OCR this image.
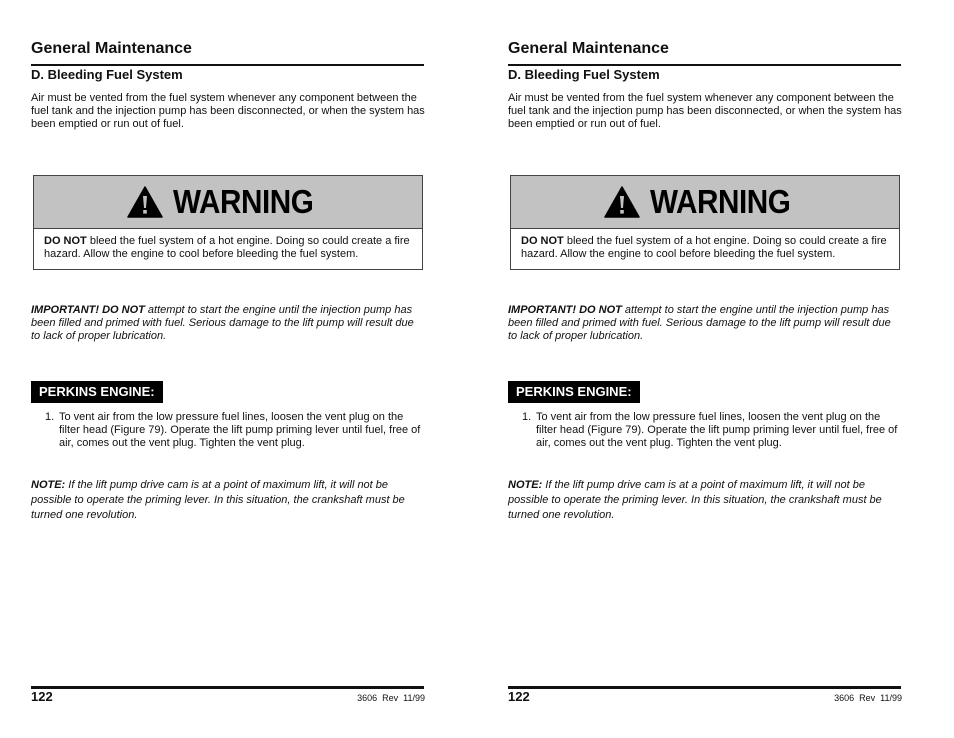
General Maintenance
D. Bleeding Fuel System
Air must be vented from the fuel system whenever any component between the fuel tank and the injection pump has been disconnected, or when the system has been emptied or run out of fuel.
WARNING
DO NOT bleed the fuel system of a hot engine. Doing so could create a fire hazard. Allow the engine to cool before bleeding the fuel system.
IMPORTANT! DO NOT attempt to start the engine until the injection pump has been filled and primed with fuel. Serious damage to the lift pump will result due to lack of proper lubrication.
PERKINS ENGINE:
1. To vent air from the low pressure fuel lines, loosen the vent plug on the filter head (Figure 79). Operate the lift pump priming lever until fuel, free of air, comes out the vent plug. Tighten the vent plug.
NOTE: If the lift pump drive cam is at a point of maximum lift, it will not be possible to operate the priming lever. In this situation, the crankshaft must be turned one revolution.
122	3606  Rev  11/99
General Maintenance
D. Bleeding Fuel System
Air must be vented from the fuel system whenever any component between the fuel tank and the injection pump has been disconnected, or when the system has been emptied or run out of fuel.
WARNING
DO NOT bleed the fuel system of a hot engine. Doing so could create a fire hazard. Allow the engine to cool before bleeding the fuel system.
IMPORTANT! DO NOT attempt to start the engine until the injection pump has been filled and primed with fuel. Serious damage to the lift pump will result due to lack of proper lubrication.
PERKINS ENGINE:
1. To vent air from the low pressure fuel lines, loosen the vent plug on the filter head (Figure 79). Operate the lift pump priming lever until fuel, free of air, comes out the vent plug. Tighten the vent plug.
NOTE: If the lift pump drive cam is at a point of maximum lift, it will not be possible to operate the priming lever. In this situation, the crankshaft must be turned one revolution.
122	3606  Rev  11/99
